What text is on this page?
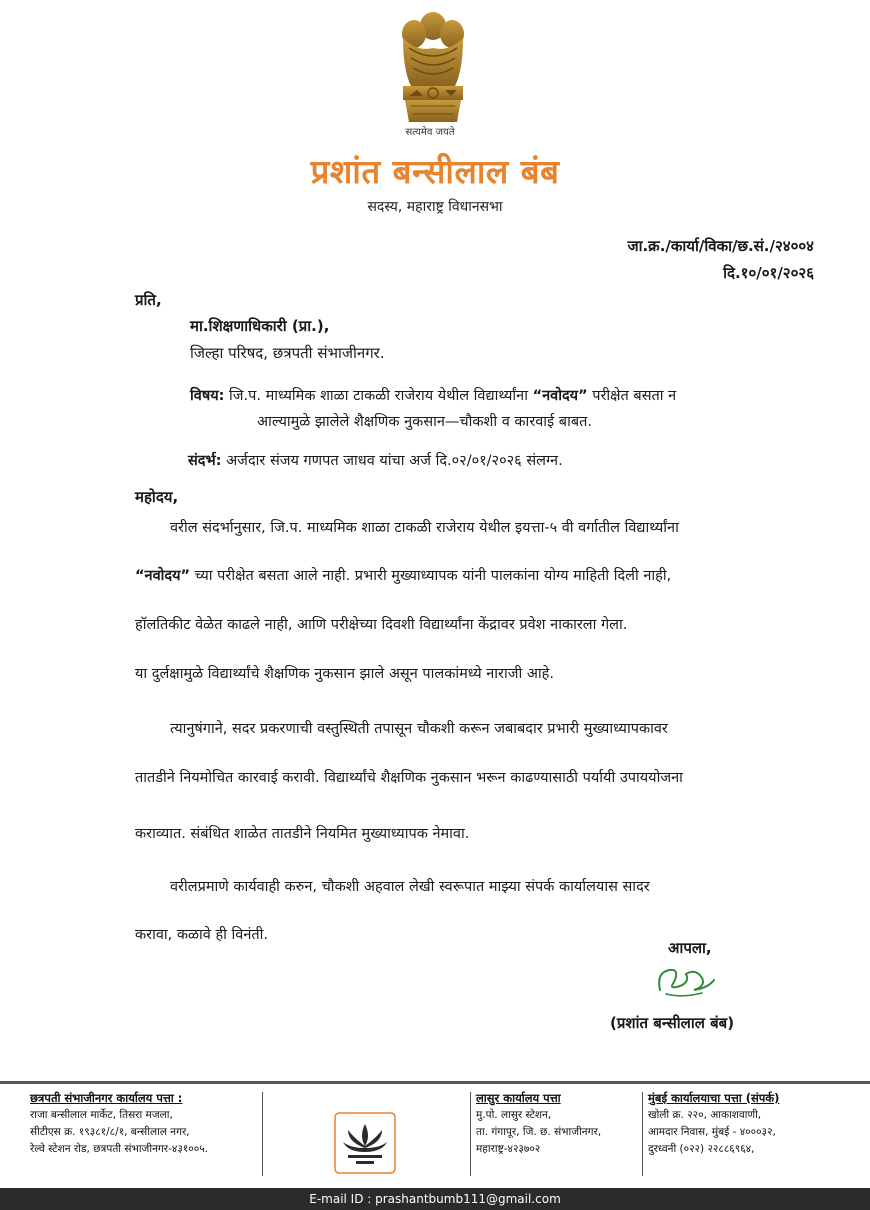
सत्यमेव जयते
प्रशांत बन्सीलाल बंब
सदस्य, महाराष्ट्र विधानसभा
जा.क्र./कार्या/विका/छ.सं./२४००४
दि.१०/०१/२०२६
प्रति,
मा.शिक्षणाधिकारी (प्रा.),
जिल्हा परिषद, छत्रपती संभाजीनगर.
विषय: जि.प. माध्यमिक शाळा टाकळी राजेराय येथील विद्यार्थ्यांना “नवोदय” परीक्षेत बसता न
आल्यामुळे झालेले शैक्षणिक नुकसान—चौकशी व कारवाई बाबत.
संदर्भ: अर्जदार संजय गणपत जाधव यांचा अर्ज दि.०२/०१/२०२६ संलग्न.
महोदय,
वरील संदर्भानुसार, जि.प. माध्यमिक शाळा टाकळी राजेराय येथील इयत्ता-५ वी वर्गातील विद्यार्थ्यांना
“नवोदय” च्या परीक्षेत बसता आले नाही. प्रभारी मुख्याध्यापक यांनी पालकांना योग्य माहिती दिली नाही,
हॉलतिकीट वेळेत काढले नाही, आणि परीक्षेच्या दिवशी विद्यार्थ्यांना केंद्रावर प्रवेश नाकारला गेला.
या दुर्लक्षामुळे विद्यार्थ्यांचे शैक्षणिक नुकसान झाले असून पालकांमध्ये नाराजी आहे.
त्यानुषंगाने, सदर प्रकरणाची वस्तुस्थिती तपासून चौकशी करून जबाबदार प्रभारी मुख्याध्यापकावर
तातडीने नियमोचित कारवाई करावी. विद्यार्थ्यांचे शैक्षणिक नुकसान भरून काढण्यासाठी पर्यायी उपाययोजना
कराव्यात. संबंधित शाळेत तातडीने नियमित मुख्याध्यापक नेमावा.
वरीलप्रमाणे कार्यवाही करुन, चौकशी अहवाल लेखी स्वरूपात माझ्या संपर्क कार्यालयास सादर
करावा, कळावे ही विनंती.
आपला,
(प्रशांत बन्सीलाल बंब)
छत्रपती संभाजीनगर कार्यालय पत्ता :
राजा बन्सीलाल मार्केट, तिसरा मजला,
सीटीएस क्र. १९३८१/८/१, बन्सीलाल नगर,
रेल्वे स्टेशन रोड, छत्रपती संभाजीनगर-४३१००५.
लासुर कार्यालय पत्ता
मु.पो. लासुर स्टेशन,
ता. गंगापूर, जि. छ. संभाजीनगर,
महाराष्ट्र-४२३७०२
मुंबई कार्यालयाचा पत्ता (संपर्क)
खोली क्र. २२०, आकाशवाणी,
आमदार निवास, मुंबई - ४०००३२,
दुरध्वनी (०२२) २२८८६९६४,
E-mail ID : prashantbumb111@gmail.com
